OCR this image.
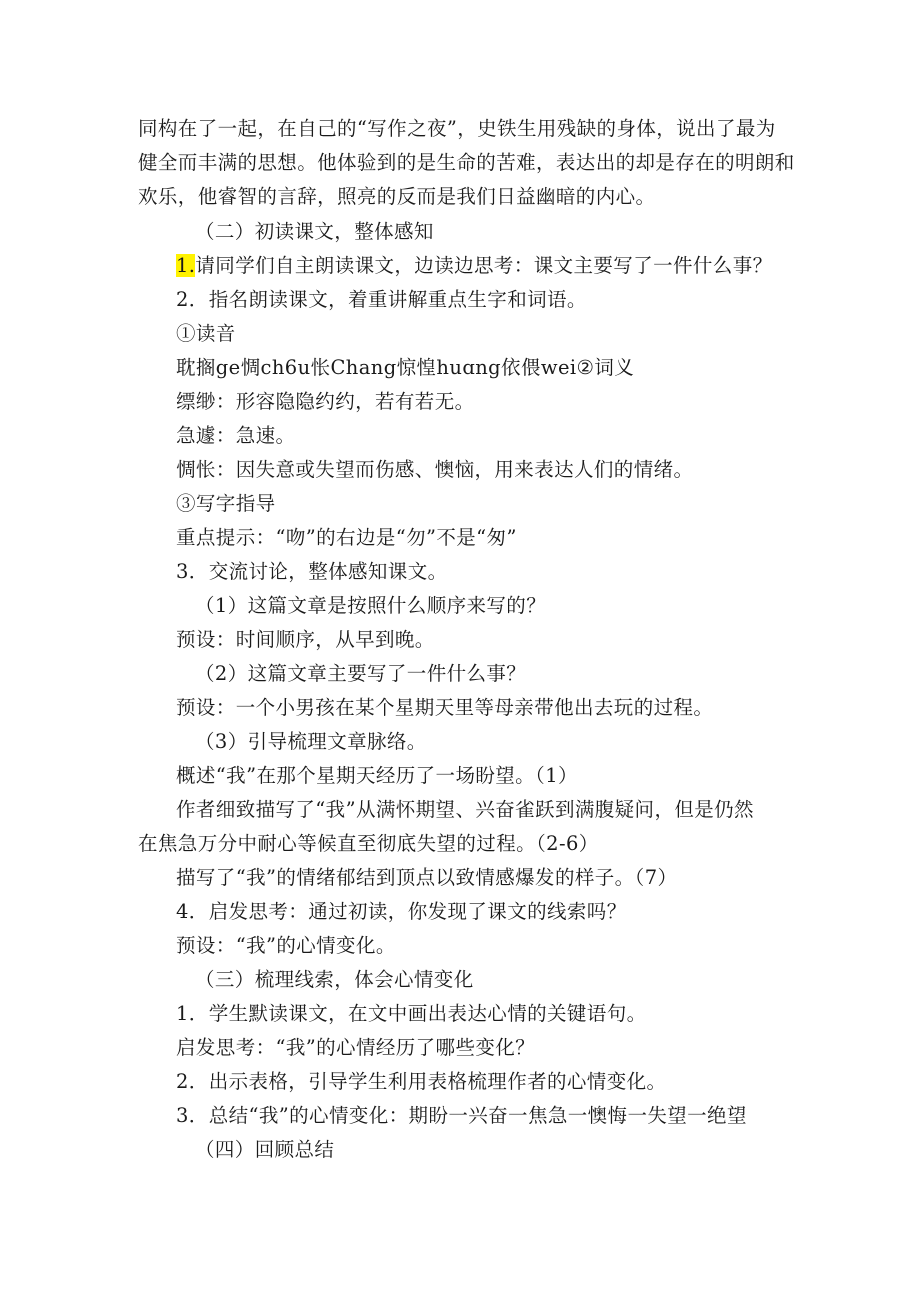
同构在了一起，在自己的“写作之夜”，史铁生用残缺的身体，说出了最为
健全而丰满的思想。他体验到的是生命的苦难，表达出的却是存在的明朗和
欢乐，他睿智的言辞，照亮的反而是我们日益幽暗的内心。
（二）初读课文，整体感知
1.请同学们自主朗读课文，边读边思考：课文主要写了一件什么事？
2．指名朗读课文，着重讲解重点生字和词语。
①读音
耽搁ge惆ch6u怅Chang惊惶huɑng依偎wei②词义
缥缈：形容隐隐约约，若有若无。
急遽：急速。
惆怅：因失意或失望而伤感、懊恼，用来表达人们的情绪。
③写字指导
重点提示：“吻”的右边是“勿”不是“匆”
3．交流讨论，整体感知课文。
（1）这篇文章是按照什么顺序来写的？
预设：时间顺序，从早到晚。
（2）这篇文章主要写了一件什么事？
预设：一个小男孩在某个星期天里等母亲带他出去玩的过程。
（3）引导梳理文章脉络。
概述“我”在那个星期天经历了一场盼望。（1）
作者细致描写了“我”从满怀期望、兴奋雀跃到满腹疑问，但是仍然
在焦急万分中耐心等候直至彻底失望的过程。（2-6）
描写了“我”的情绪郁结到顶点以致情感爆发的样子。（7）
4．启发思考：通过初读，你发现了课文的线索吗？
预设：“我”的心情变化。
（三）梳理线索，体会心情变化
1．学生默读课文，在文中画出表达心情的关键语句。
启发思考：“我”的心情经历了哪些变化？
2．出示表格，引导学生利用表格梳理作者的心情变化。
3．总结“我”的心情变化：期盼一兴奋一焦急一懊悔一失望一绝望
（四）回顾总结
